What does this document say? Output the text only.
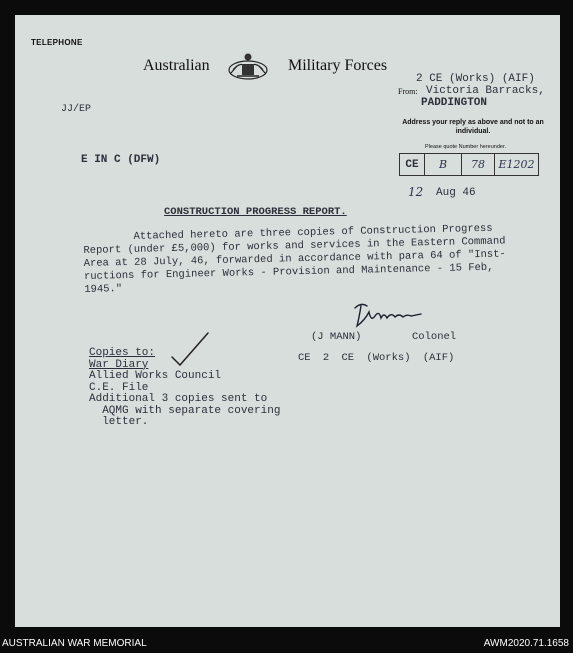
TELEPHONE
Australian	Military Forces
JJ/EP
2 CE (Works) (AIF)
From: Victoria Barracks,
PADDINGTON
Address your reply as above and not to an individual.
Please quote Number hereunder.
CE	B	78	E1202
E IN C (DFW)
12 Aug 46
CONSTRUCTION PROGRESS REPORT.
Attached hereto are three copies of Construction Progress
Report (under £5,000) for works and services in the Eastern Command
Area at 28 July, 46, forwarded in accordance with para 64 of "Inst-
ructions for Engineer Works - Provision and Maintenance - 15 Feb,
1945."
(J MANN)	Colonel
CE 2 CE (Works) (AIF)
Copies to:
War Diary
Allied Works Council
C.E. File
Additional 3 copies sent to
AQMG with separate covering
letter.
AUSTRALIAN WAR MEMORIAL	AWM2020.71.1658
